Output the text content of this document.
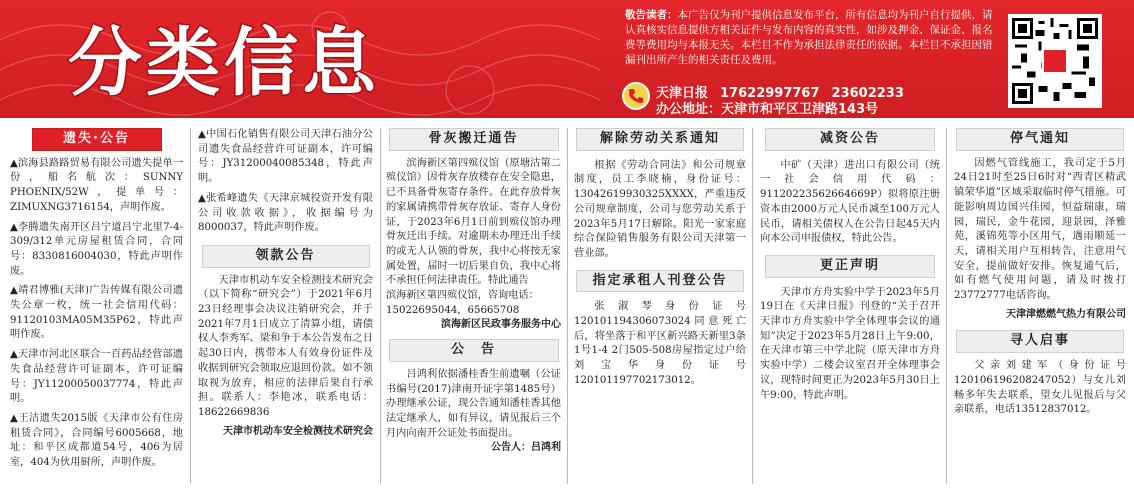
分类信息
敬告读者：本广告仅为刊户提供信息发布平台，所有信息均为刊户自行提供，请认真核实信息提供方相关证件与发布内容的真实性，如涉及押金、保证金、报名费等费用均与本报无关。本栏目不作为承担法律责任的依据。本栏目不承担因错漏刊出所产生的相关责任及费用。
天津日报 17622997767 23602233
办公地址：天津市和平区卫津路143号
遗失·公告

▲滨海县路路贸易有限公司遗失提单一份，船名航次：SUNNY PHOENIX/52W，提单号：ZIMUXNG3716154，声明作废。

▲李腾遗失南开区吕宁道吕宁北里7-4-309/312单元房屋租赁合同，合同号：8330816004030，特此声明作废。

▲靖君博雅(天津)广告传媒有限公司遗失公章一枚，统一社会信用代码：91120103MA05M35P62，特此声明作废。

▲天津市河北区联合一百药品经营部遗失食品经营许可证副本，许可证编号：JY11200050037774，特此声明。

▲王洁遗失2015版《天津市公有住房租赁合同》，合同编号6005668，地址：和平区成都道54号，406为居室，404为伙用厨所，声明作废。

▲中国石化销售有限公司天津石油分公司遗失食品经营许可证副本，许可编号：JY31200040085348，特此声明。

▲张希峰遗失《天津京城投资开发有限公司收款收据》，收据编号为8000037，特此声明作废。

领款公告

天津市机动车安全检测技术研究会（以下简称“研究会”）于2021年6月23日经理事会决议注销研究会，并于2021年7月1日成立了清算小组，请债权人李秀军、梁和争于本公告发布之日起30日内，携带本人有效身份证件及收据到研究会领取应退回份款。如不领取视为放弃，相应的法律后果自行承担。联系人：李艳冰，联系电话：18622669836

天津市机动车安全检测技术研究会

骨灰搬迁通告

滨海新区第四殡仪馆（原塘沽第二殡仪馆）因骨灰存放楼存在安全隐患，已不具备骨灰寄存条件。在此存放骨灰的家属请携带骨灰存放证、寄存人身份证，于2023年6月1日前到殡仪馆办理骨灰迁出手续。对逾期未办理迁出手续的或无人认领的骨灰，我中心将按无家属处置，届时一切后果自负，我中心将不承担任何法律责任。特此通告

滨海新区第四殡仪馆，咨询电话：15022695044，65665708

滨海新区民政事务服务中心

公　告

吕鸿利依据潘桂香生前遗嘱（公证书编号(2017)津南开证字第1485号）办理继承公证，现公告通知潘桂香其他法定继承人，如有异议，请见报后三个月内向南开公证处书面提出。

公告人：吕鸿利

解除劳动关系通知

根据《劳动合同法》和公司规章制度，员工李晓楠，身份证号：13042619930325XXXX，严重违反公司规章制度，公司与您劳动关系于2023年5月17日解除。阳光一家家庭综合保险销售服务有限公司天津第一营业部。

指定承租人刊登公告

张淑琴身份证号120101194306073024同意死亡后，将坐落于和平区新兴路天新里3条1号1-4 2门505-508房屋指定过户给刘宝华身份证号120101197702173012。

减资公告

中矿（天津）进出口有限公司（统一社会信用代码：91120223562664669P）拟将原注册资本由2000万元人民币减至100万元人民币，请相关债权人在公告日起45天内向本公司申报债权，特此公告。

更正声明

天津市方舟实验中学于2023年5月19日在《天津日报》刊登的“关于召开天津市方舟实验中学全体理事会议的通知”决定于2023年5月28日上午9:00，在天津市第三中学北院（原天津市方舟实验中学）二楼会议室召开全体理事会议，现特时间更正为2023年5月30日上午9:00，特此声明。

停气通知

因燃气管线施工，我司定于5月24日21时至25日6时对“西青区精武镇荣华道”区域采取临时停气措施。可能影响周边国兴佳园，恒益瑞康，瑞园，瑞民，金牛花园，迎景园，泽雅苑，溪锦苑等小区用气，遇雨顺延一天，请相关用户互相转告，注意用气安全，提前做好安排。恢复通气后，如有燃气使用问题，请及时拨打23772777电话咨询。

天津津燃燃气热力有限公司

寻人启事

父亲刘建军（身份证号120106196208247052）与女儿刘畅多年失去联系，望女儿见报后与父亲联系，电话13512837012。
